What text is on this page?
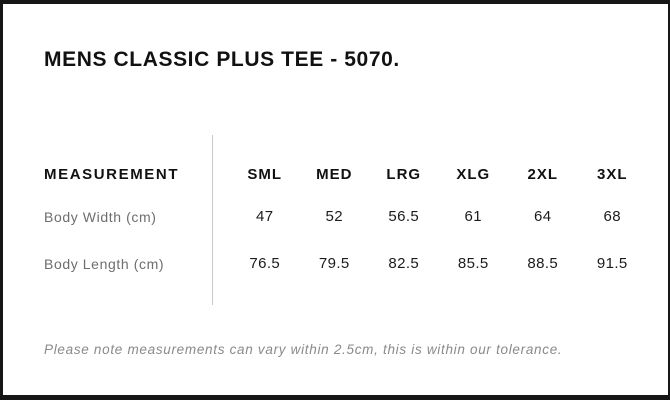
MENS CLASSIC PLUS TEE - 5070.
MEASUREMENT	SML	MED	LRG	XLG	2XL	3XL
Body Width (cm)	47	52	56.5	61	64	68
Body Length (cm)	76.5	79.5	82.5	85.5	88.5	91.5

Please note measurements can vary within 2.5cm, this is within our tolerance.
